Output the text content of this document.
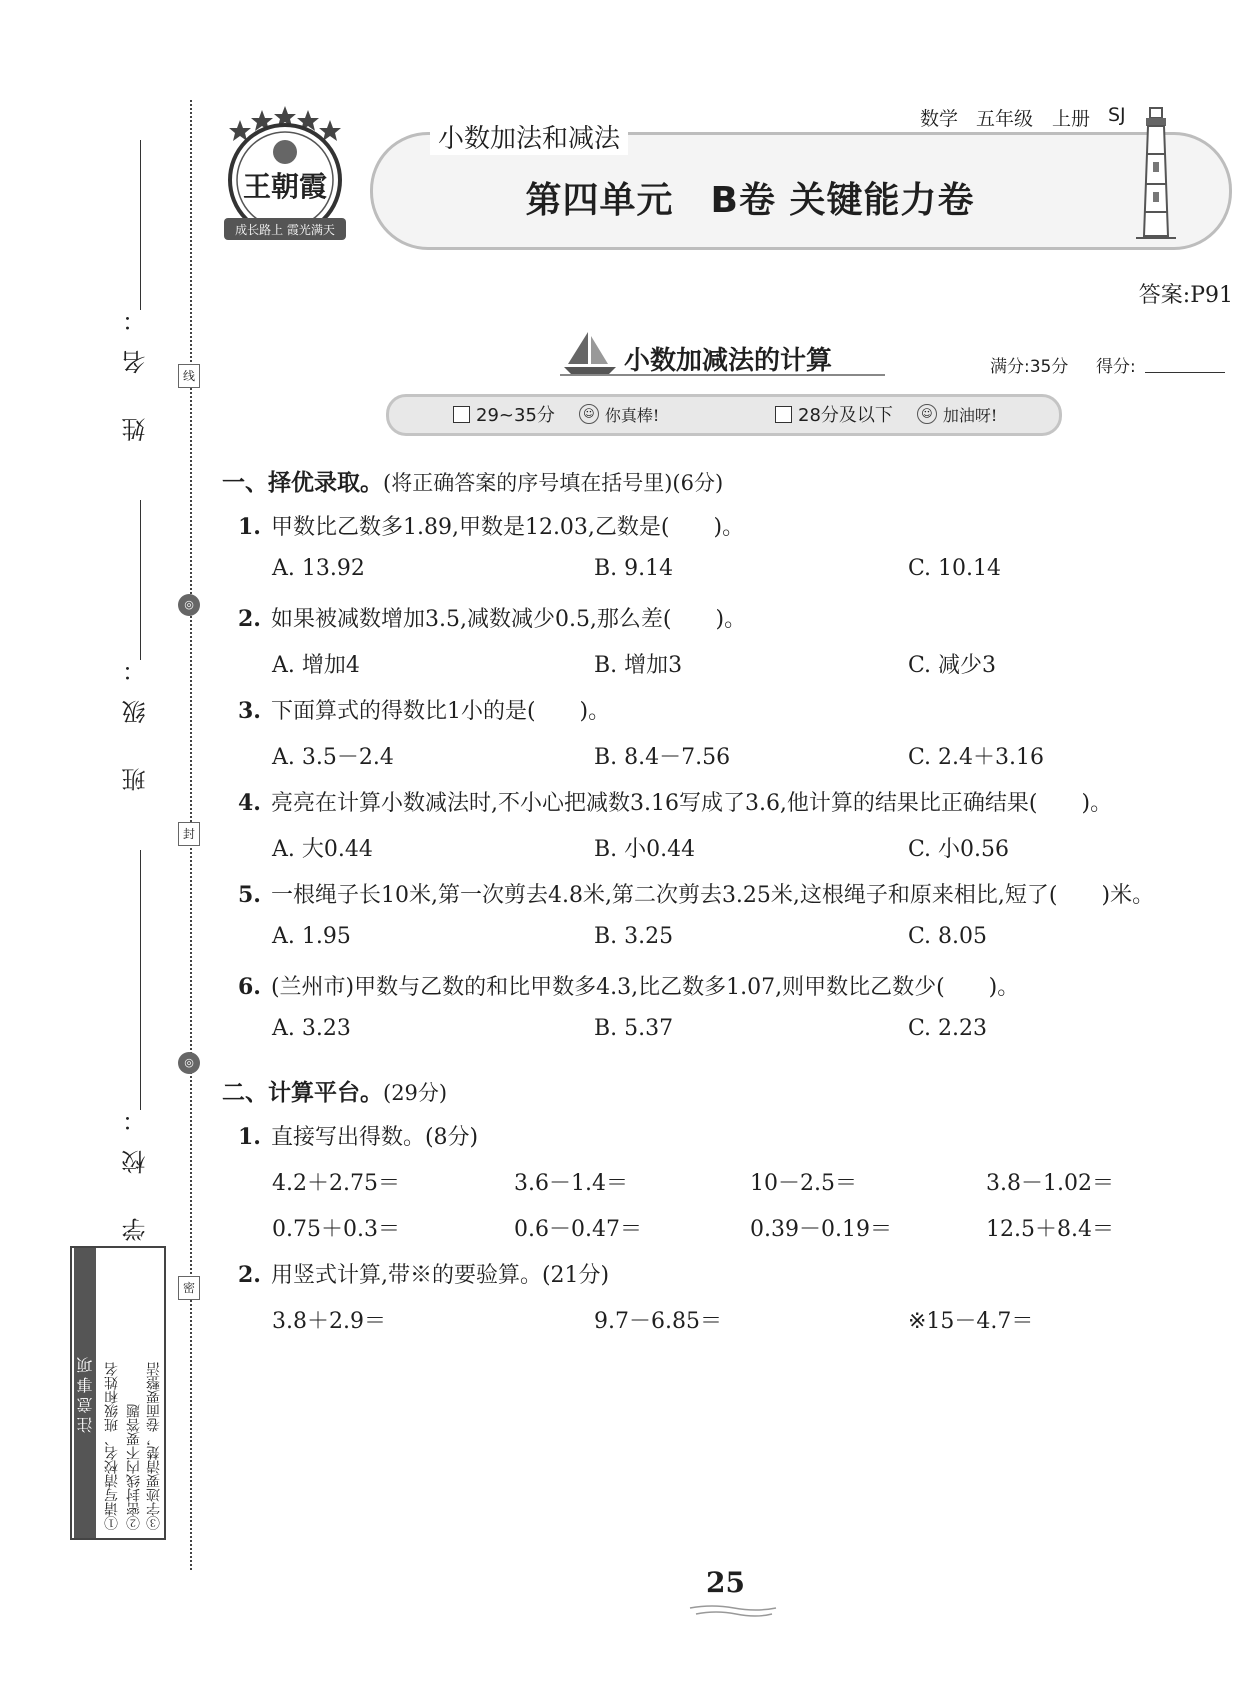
姓 名：
班 级：
学 校：
线
◎
封
◎
密
注意事项 ①请写清校名、班级和姓名 ②密封线内不要答题 ③字迹要清楚，卷面要整洁
王朝霞
成长路上 霞光满天
小数加法和减法
数学 五年级 上册 SJ
第四单元　B卷 关键能力卷
答案:P91
小数加减法的计算	满分:35分 得分:
29~35分	☺ 你真棒!	28分及以下	☺ 加油呀!
一、择优录取。(将正确答案的序号填在括号里)(6分)
1. 甲数比乙数多1.89,甲数是12.03,乙数是(　　)。
A. 13.92	B. 9.14	C. 10.14
2. 如果被减数增加3.5,减数减少0.5,那么差(　　)。
A. 增加4	B. 增加3	C. 减少3
3. 下面算式的得数比1小的是(　　)。
A. 3.5－2.4	B. 8.4－7.56	C. 2.4＋3.16
4. 亮亮在计算小数减法时,不小心把减数3.16写成了3.6,他计算的结果比正确结果(　　)。
A. 大0.44	B. 小0.44	C. 小0.56
5. 一根绳子长10米,第一次剪去4.8米,第二次剪去3.25米,这根绳子和原来相比,短了(　　)米。
A. 1.95	B. 3.25	C. 8.05
6. (兰州市)甲数与乙数的和比甲数多4.3,比乙数多1.07,则甲数比乙数少(　　)。
A. 3.23	B. 5.37	C. 2.23
二、计算平台。(29分)
1. 直接写出得数。(8分)
4.2＋2.75＝	3.6－1.4＝	10－2.5＝	3.8－1.02＝
0.75＋0.3＝	0.6－0.47＝	0.39－0.19＝	12.5＋8.4＝
2. 用竖式计算,带※的要验算。(21分)
3.8＋2.9＝	9.7－6.85＝	※15－4.7＝
25
